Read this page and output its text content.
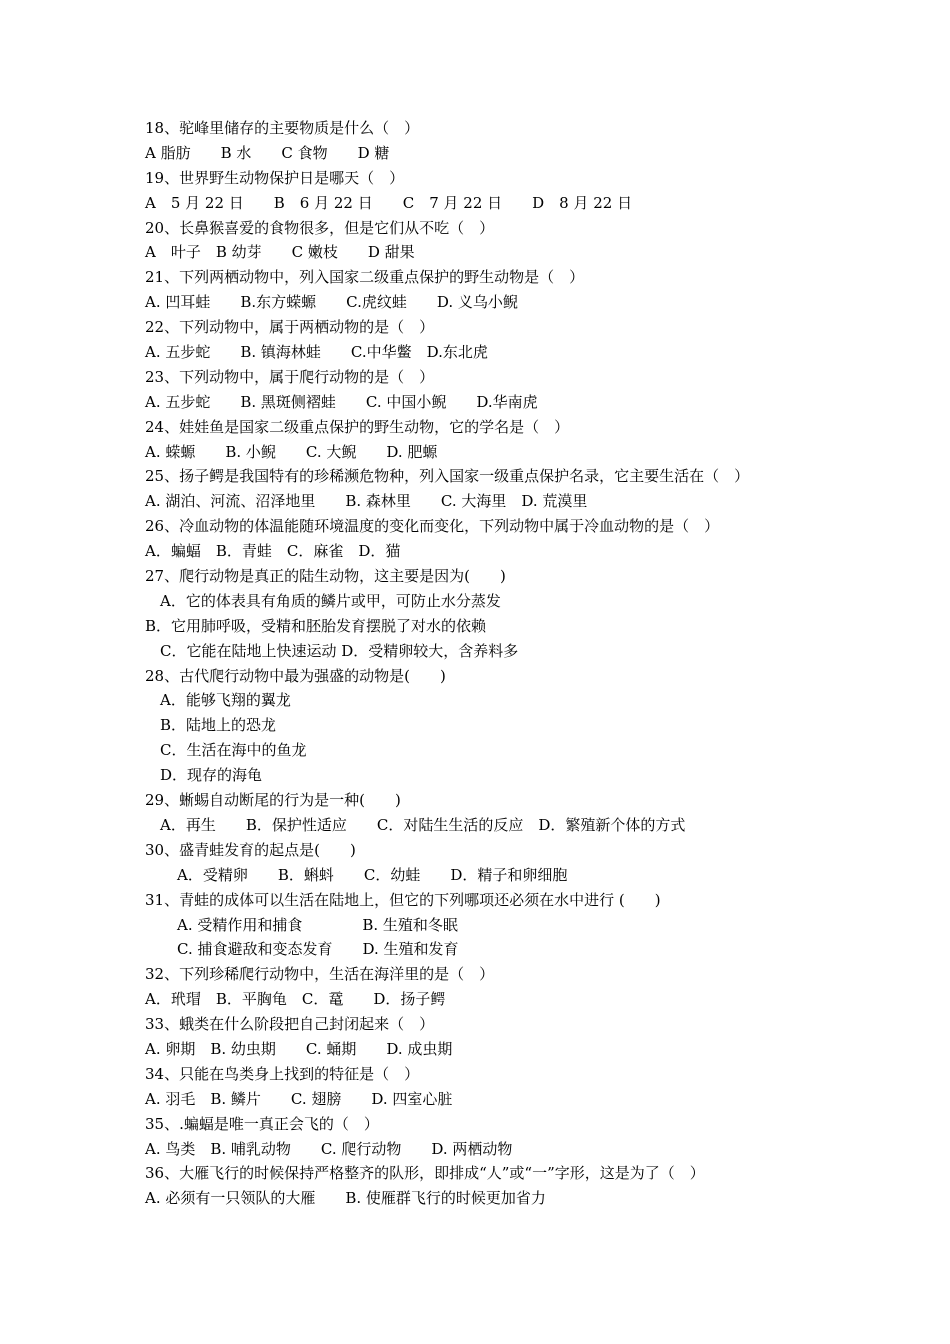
18、驼峰里储存的主要物质是什么（　）
A 脂肪　　B 水　　C 食物　　D 糖
19、世界野生动物保护日是哪天（　）
A　5 月 22 日　　B　6 月 22 日　　C　7 月 22 日　　D　8 月 22 日
20、长鼻猴喜爱的食物很多，但是它们从不吃（　）
A　叶子　B 幼芽　　C 嫩枝　　D 甜果
21、下列两栖动物中，列入国家二级重点保护的野生动物是（　）
A. 凹耳蛙　　B.东方蝾螈　　C.虎纹蛙　　D. 义乌小鲵
22、下列动物中，属于两栖动物的是（　）
A. 五步蛇　　B. 镇海林蛙　　C.中华鳖　D.东北虎
23、下列动物中，属于爬行动物的是（　）
A. 五步蛇　　B. 黑斑侧褶蛙　　C. 中国小鲵　　D.华南虎
24、娃娃鱼是国家二级重点保护的野生动物，它的学名是（　）
A. 蝾螈　　B. 小鲵　　C. 大鲵　　D. 肥螈
25、扬子鳄是我国特有的珍稀濒危物种，列入国家一级重点保护名录，它主要生活在（　）
A. 湖泊、河流、沼泽地里　　B. 森林里　　C. 大海里　D. 荒漠里
26、冷血动物的体温能随环境温度的变化而变化，下列动物中属于冷血动物的是（　）
A．蝙蝠　B．青蛙　C．麻雀　D．猫
27、爬行动物是真正的陆生动物，这主要是因为(　　)
A．它的体表具有角质的鳞片或甲，可防止水分蒸发
B．它用肺呼吸，受精和胚胎发育摆脱了对水的依赖
C．它能在陆地上快速运动 D．受精卵较大，含养料多
28、古代爬行动物中最为强盛的动物是(　　)
A．能够飞翔的翼龙
B．陆地上的恐龙
C．生活在海中的鱼龙
D．现存的海龟
29、蜥蜴自动断尾的行为是一种(　　)
A．再生　　B．保护性适应　　C．对陆生生活的反应　D．繁殖新个体的方式
30、盛青蛙发育的起点是(　　)
A．受精卵　　B．蝌蚪　　C．幼蛙　　D．精子和卵细胞
31、青蛙的成体可以生活在陆地上，但它的下列哪项还必须在水中进行 (　　)
A. 受精作用和捕食　　　　B. 生殖和冬眠
C. 捕食避敌和变态发育　　D. 生殖和发育
32、下列珍稀爬行动物中，生活在海洋里的是（　）
A．玳瑁　B．平胸龟　C．鼋　　D．扬子鳄
33、蛾类在什么阶段把自己封闭起来（　）
A. 卵期　B. 幼虫期　　C. 蛹期　　D. 成虫期
34、只能在鸟类身上找到的特征是（　）
A. 羽毛　B. 鳞片　　C. 翅膀　　D. 四室心脏
35、.蝙蝠是唯一真正会飞的（　）
A. 鸟类　B. 哺乳动物　　C. 爬行动物　　D. 两栖动物
36、大雁飞行的时候保持严格整齐的队形，即排成“人”或“一”字形，这是为了（　）
A. 必须有一只领队的大雁　　B. 使雁群飞行的时候更加省力
